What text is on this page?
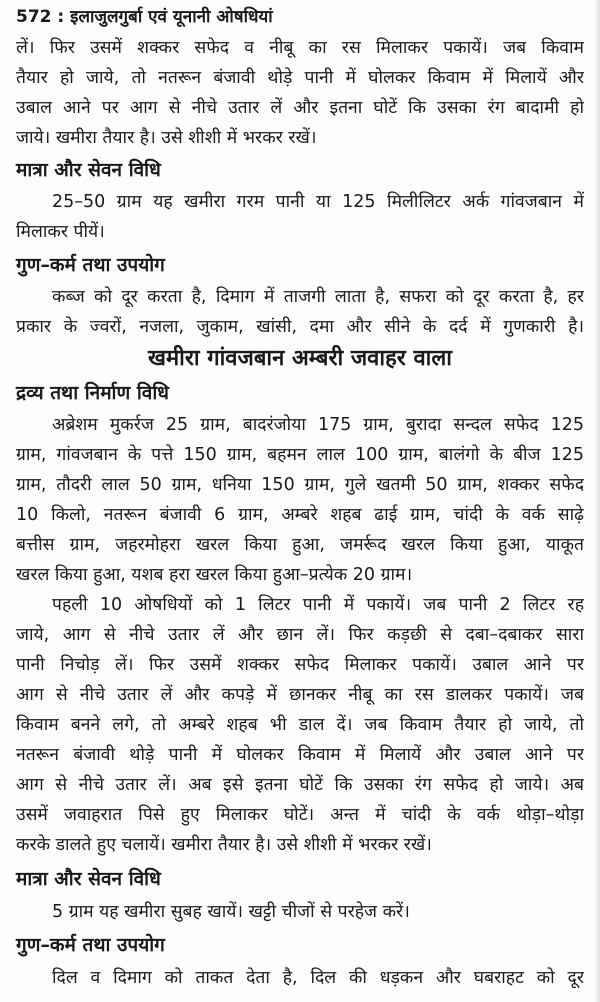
572 : इलाजुलगुर्बा एवं यूनानी ओषधियां
लें। फिर उसमें शक्कर सफेद व नीबू का रस मिलाकर पकायें। जब किवाम
तैयार हो जाये, तो नतरून बंजावी थोड़े पानी में घोलकर किवाम में मिलायें और
उबाल आने पर आग से नीचे उतार लें और इतना घोटें कि उसका रंग बादामी हो
जाये। खमीरा तैयार है। उसे शीशी में भरकर रखें।
मात्रा और सेवन विधि
25–50 ग्राम यह खमीरा गरम पानी या 125 मिलीलिटर अर्क गांवजबान में
मिलाकर पीयें।
गुण–कर्म तथा उपयोग
कब्ज को दूर करता है, दिमाग में ताजगी लाता है, सफरा को दूर करता है, हर
प्रकार के ज्वरों, नजला, जुकाम, खांसी, दमा और सीने के दर्द में गुणकारी है।
खमीरा गांवजबान अम्बरी जवाहर वाला
द्रव्य तथा निर्माण विधि
अब्रेशम मुकर्रज 25 ग्राम, बादरंजोया 175 ग्राम, बुरादा सन्दल सफेद 125
ग्राम, गांवजबान के पत्ते 150 ग्राम, बहमन लाल 100 ग्राम, बालंगो के बीज 125
ग्राम, तौदरी लाल 50 ग्राम, धनिया 150 ग्राम, गुले खतमी 50 ग्राम, शक्कर सफेद
10 किलो, नतरून बंजावी 6 ग्राम, अम्बरे शहब ढाई ग्राम, चांदी के वर्क साढ़े
बत्तीस ग्राम, जहरमोहरा खरल किया हुआ, जमर्रूद खरल किया हुआ, याकूत
खरल किया हुआ, यशब हरा खरल किया हुआ–प्रत्येक 20 ग्राम।
पहली 10 ओषधियों को 1 लिटर पानी में पकायें। जब पानी 2 लिटर रह
जाये, आग से नीचे उतार लें और छान लें। फिर कड़छी से दबा–दबाकर सारा
पानी निचोड़ लें। फिर उसमें शक्कर सफेद मिलाकर पकायें। उबाल आने पर
आग से नीचे उतार लें और कपड़े में छानकर नीबू का रस डालकर पकायें। जब
किवाम बनने लगे, तो अम्बरे शहब भी डाल दें। जब किवाम तैयार हो जाये, तो
नतरून बंजावी थोड़े पानी में घोलकर किवाम में मिलायें और उबाल आने पर
आग से नीचे उतार लें। अब इसे इतना घोटें कि उसका रंग सफेद हो जाये। अब
उसमें जवाहरात पिसे हुए मिलाकर घोटें। अन्त में चांदी के वर्क थोड़ा–थोड़ा
करके डालते हुए चलायें। खमीरा तैयार है। उसे शीशी में भरकर रखें।
मात्रा और सेवन विधि
5 ग्राम यह खमीरा सुबह खायें। खट्टी चीजों से परहेज करें।
गुण–कर्म तथा उपयोग
दिल व दिमाग को ताकत देता है, दिल की धड़कन और घबराहट को दूर
